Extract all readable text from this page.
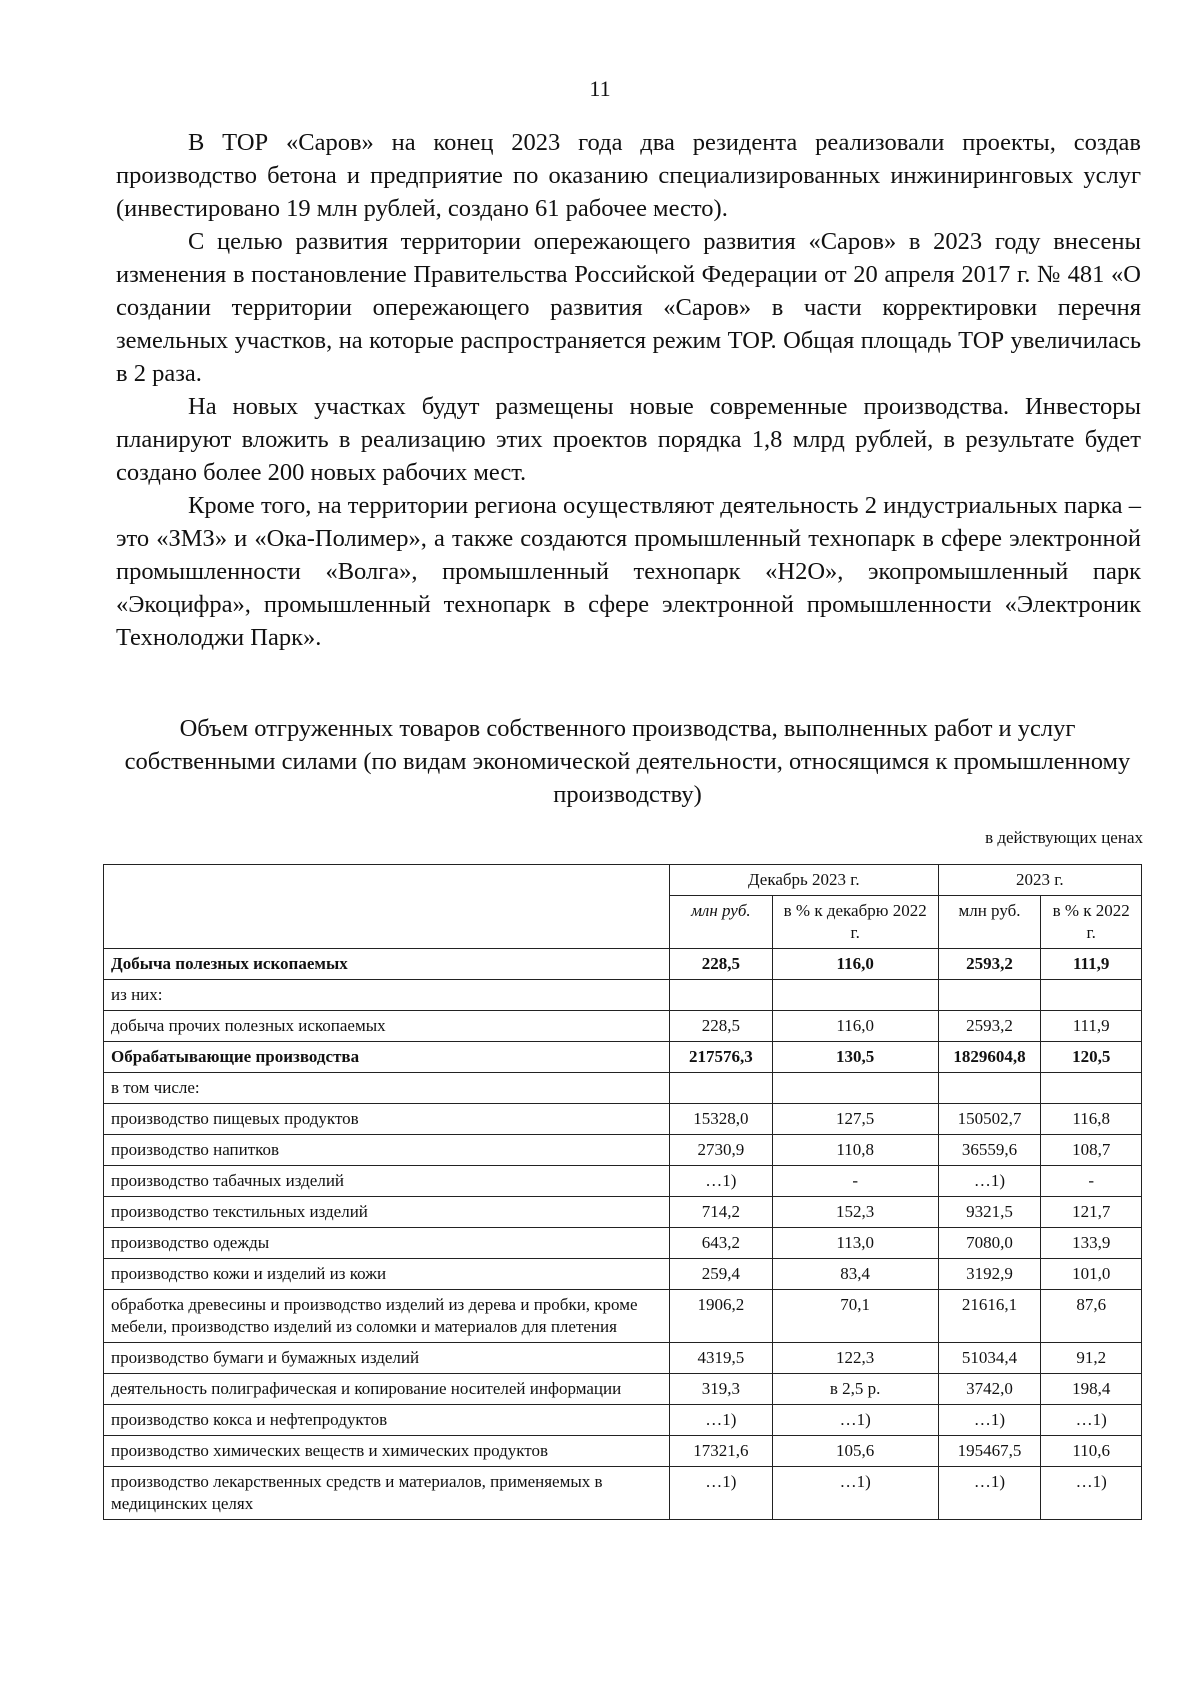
11

В ТОР «Саров» на конец 2023 года два резидента реализовали проекты, создав производство бетона и предприятие по оказанию специализированных инжиниринговых услуг (инвестировано 19 млн рублей, создано 61 рабочее место).

С целью развития территории опережающего развития «Саров» в 2023 году внесены изменения в постановление Правительства Российской Федерации от 20 апреля 2017 г. № 481 «О создании территории опережающего развития «Саров» в части корректировки перечня земельных участков, на которые распространяется режим ТОР. Общая площадь ТОР увеличилась в 2 раза.

На новых участках будут размещены новые современные производства. Инвесторы планируют вложить в реализацию этих проектов порядка 1,8 млрд рублей, в результате будет создано более 200 новых рабочих мест.

Кроме того, на территории региона осуществляют деятельность 2 индустриальных парка – это «ЗМЗ» и «Ока-Полимер», а также создаются промышленный технопарк в сфере электронной промышленности «Волга», промышленный технопарк «Н2О», экопромышленный парк «Экоцифра», промышленный технопарк в сфере электронной промышленности «Электроник Технолоджи Парк».

Объем отгруженных товаров собственного производства, выполненных работ и услуг собственными силами (по видам экономической деятельности, относящимся к промышленному производству)
в действующих ценах
	Декабрь 2023 г.		2023 г.	
	млн руб.	в % к декабрю 2022 г.	млн руб.	в % к 2022 г.
Добыча полезных ископаемых	228,5	116,0	2593,2	111,9
из них:				
добыча прочих полезных ископаемых	228,5	116,0	2593,2	111,9
Обрабатывающие производства	217576,3	130,5	1829604,8	120,5
в том числе:				
производство пищевых продуктов	15328,0	127,5	150502,7	116,8
производство напитков	2730,9	110,8	36559,6	108,7
производство табачных изделий	…1)	-	…1)	-
производство текстильных изделий	714,2	152,3	9321,5	121,7
производство одежды	643,2	113,0	7080,0	133,9
производство кожи и изделий из кожи	259,4	83,4	3192,9	101,0
обработка древесины и производство изделий из дерева и пробки, кроме мебели, производство изделий из соломки и материалов для плетения	1906,2	70,1	21616,1	87,6
производство бумаги и бумажных изделий	4319,5	122,3	51034,4	91,2
деятельность полиграфическая и копирование носителей информации	319,3	в 2,5 р.	3742,0	198,4
производство кокса и нефтепродуктов	…1)	…1)	…1)	…1)
производство химических веществ и химических продуктов	17321,6	105,6	195467,5	110,6
производство лекарственных средств и материалов, применяемых в медицинских целях	…1)	…1)	…1)	…1)
